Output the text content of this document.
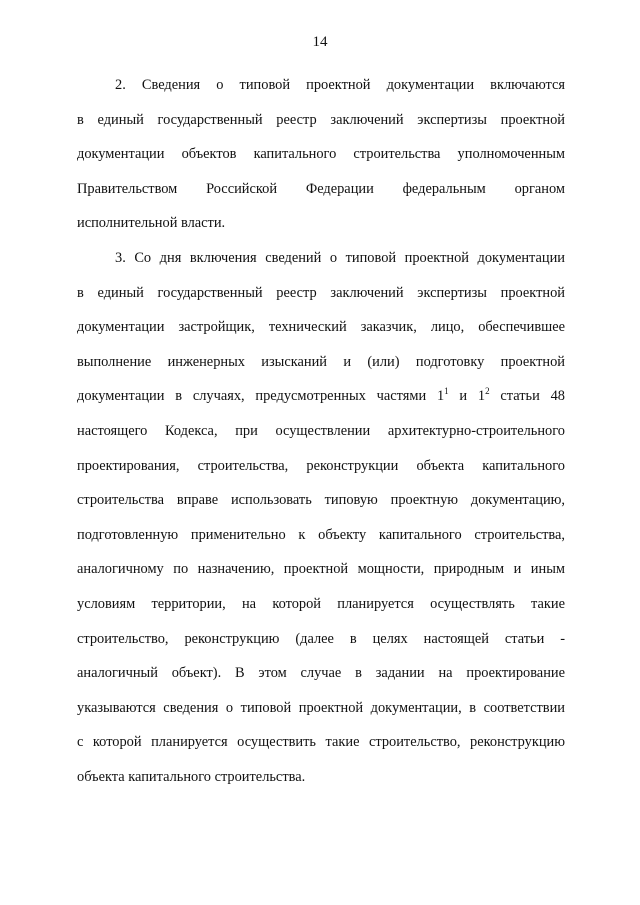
14
2. Сведения о типовой проектной документации включаются
в единый государственный реестр заключений экспертизы проектной
документации объектов капитального строительства уполномоченным
Правительством Российской Федерации федеральным органом
исполнительной власти.
3. Со дня включения сведений о типовой проектной документации
в единый государственный реестр заключений экспертизы проектной
документации застройщик, технический заказчик, лицо, обеспечившее
выполнение инженерных изысканий и (или) подготовку проектной
документации в случаях, предусмотренных частями $1^1$ и $1^2$ статьи 48
настоящего Кодекса, при осуществлении архитектурно-строительного
проектирования, строительства, реконструкции объекта капитального
строительства вправе использовать типовую проектную документацию,
подготовленную применительно к объекту капитального строительства,
аналогичному по назначению, проектной мощности, природным и иным
условиям территории, на которой планируется осуществлять такие
строительство, реконструкцию (далее в целях настоящей статьи -
аналогичный объект). В этом случае в задании на проектирование
указываются сведения о типовой проектной документации, в соответствии
с которой планируется осуществить такие строительство, реконструкцию
объекта капитального строительства.
